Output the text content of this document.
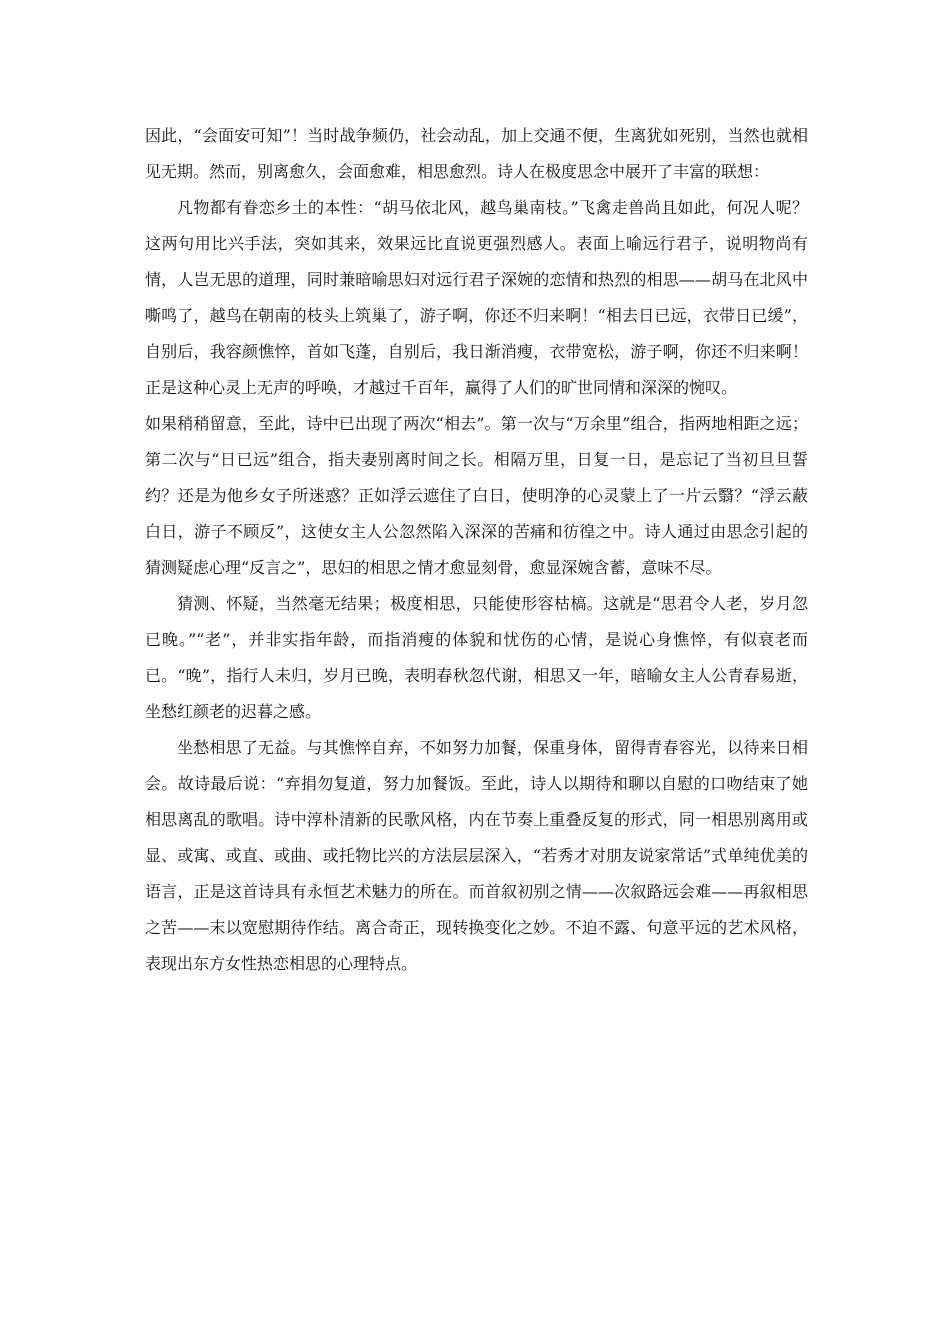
因此，“会面安可知”！当时战争频仍，社会动乱，加上交通不便，生离犹如死别，当然也就相见无期。然而，别离愈久，会面愈难，相思愈烈。诗人在极度思念中展开了丰富的联想：

凡物都有眷恋乡土的本性：“胡马依北风，越鸟巢南枝。”飞禽走兽尚且如此，何况人呢？这两句用比兴手法，突如其来，效果远比直说更强烈感人。表面上喻远行君子，说明物尚有情，人岂无思的道理，同时兼暗喻思妇对远行君子深婉的恋情和热烈的相思——胡马在北风中嘶鸣了，越鸟在朝南的枝头上筑巢了，游子啊，你还不归来啊！“相去日已远，衣带日已缓”，自别后，我容颜憔悴，首如飞蓬，自别后，我日渐消瘦，衣带宽松，游子啊，你还不归来啊！正是这种心灵上无声的呼唤，才越过千百年，赢得了人们的旷世同情和深深的惋叹。

如果稍稍留意，至此，诗中已出现了两次“相去”。第一次与“万余里”组合，指两地相距之远；第二次与“日已远”组合，指夫妻别离时间之长。相隔万里，日复一日，是忘记了当初旦旦誓约？还是为他乡女子所迷惑？正如浮云遮住了白日，使明净的心灵蒙上了一片云翳？“浮云蔽白日，游子不顾反”，这使女主人公忽然陷入深深的苦痛和彷徨之中。诗人通过由思念引起的猜测疑虑心理“反言之”，思妇的相思之情才愈显刻骨，愈显深婉含蓄，意味不尽。

猜测、怀疑，当然毫无结果；极度相思，只能使形容枯槁。这就是“思君令人老，岁月忽已晚。”“老”，并非实指年龄，而指消瘦的体貌和忧伤的心情，是说心身憔悴，有似衰老而已。“晚”，指行人未归，岁月已晚，表明春秋忽代谢，相思又一年，暗喻女主人公青春易逝，坐愁红颜老的迟暮之感。

坐愁相思了无益。与其憔悴自弃，不如努力加餐，保重身体，留得青春容光，以待来日相会。故诗最后说：“弃捐勿复道，努力加餐饭。至此，诗人以期待和聊以自慰的口吻结束了她相思离乱的歌唱。诗中淳朴清新的民歌风格，内在节奏上重叠反复的形式，同一相思别离用或显、或寓、或直、或曲、或托物比兴的方法层层深入，“若秀才对朋友说家常话”式单纯优美的语言，正是这首诗具有永恒艺术魅力的所在。而首叙初别之情——次叙路远会难——再叙相思之苦——末以宽慰期待作结。离合奇正，现转换变化之妙。不迫不露、句意平远的艺术风格，表现出东方女性热恋相思的心理特点。
